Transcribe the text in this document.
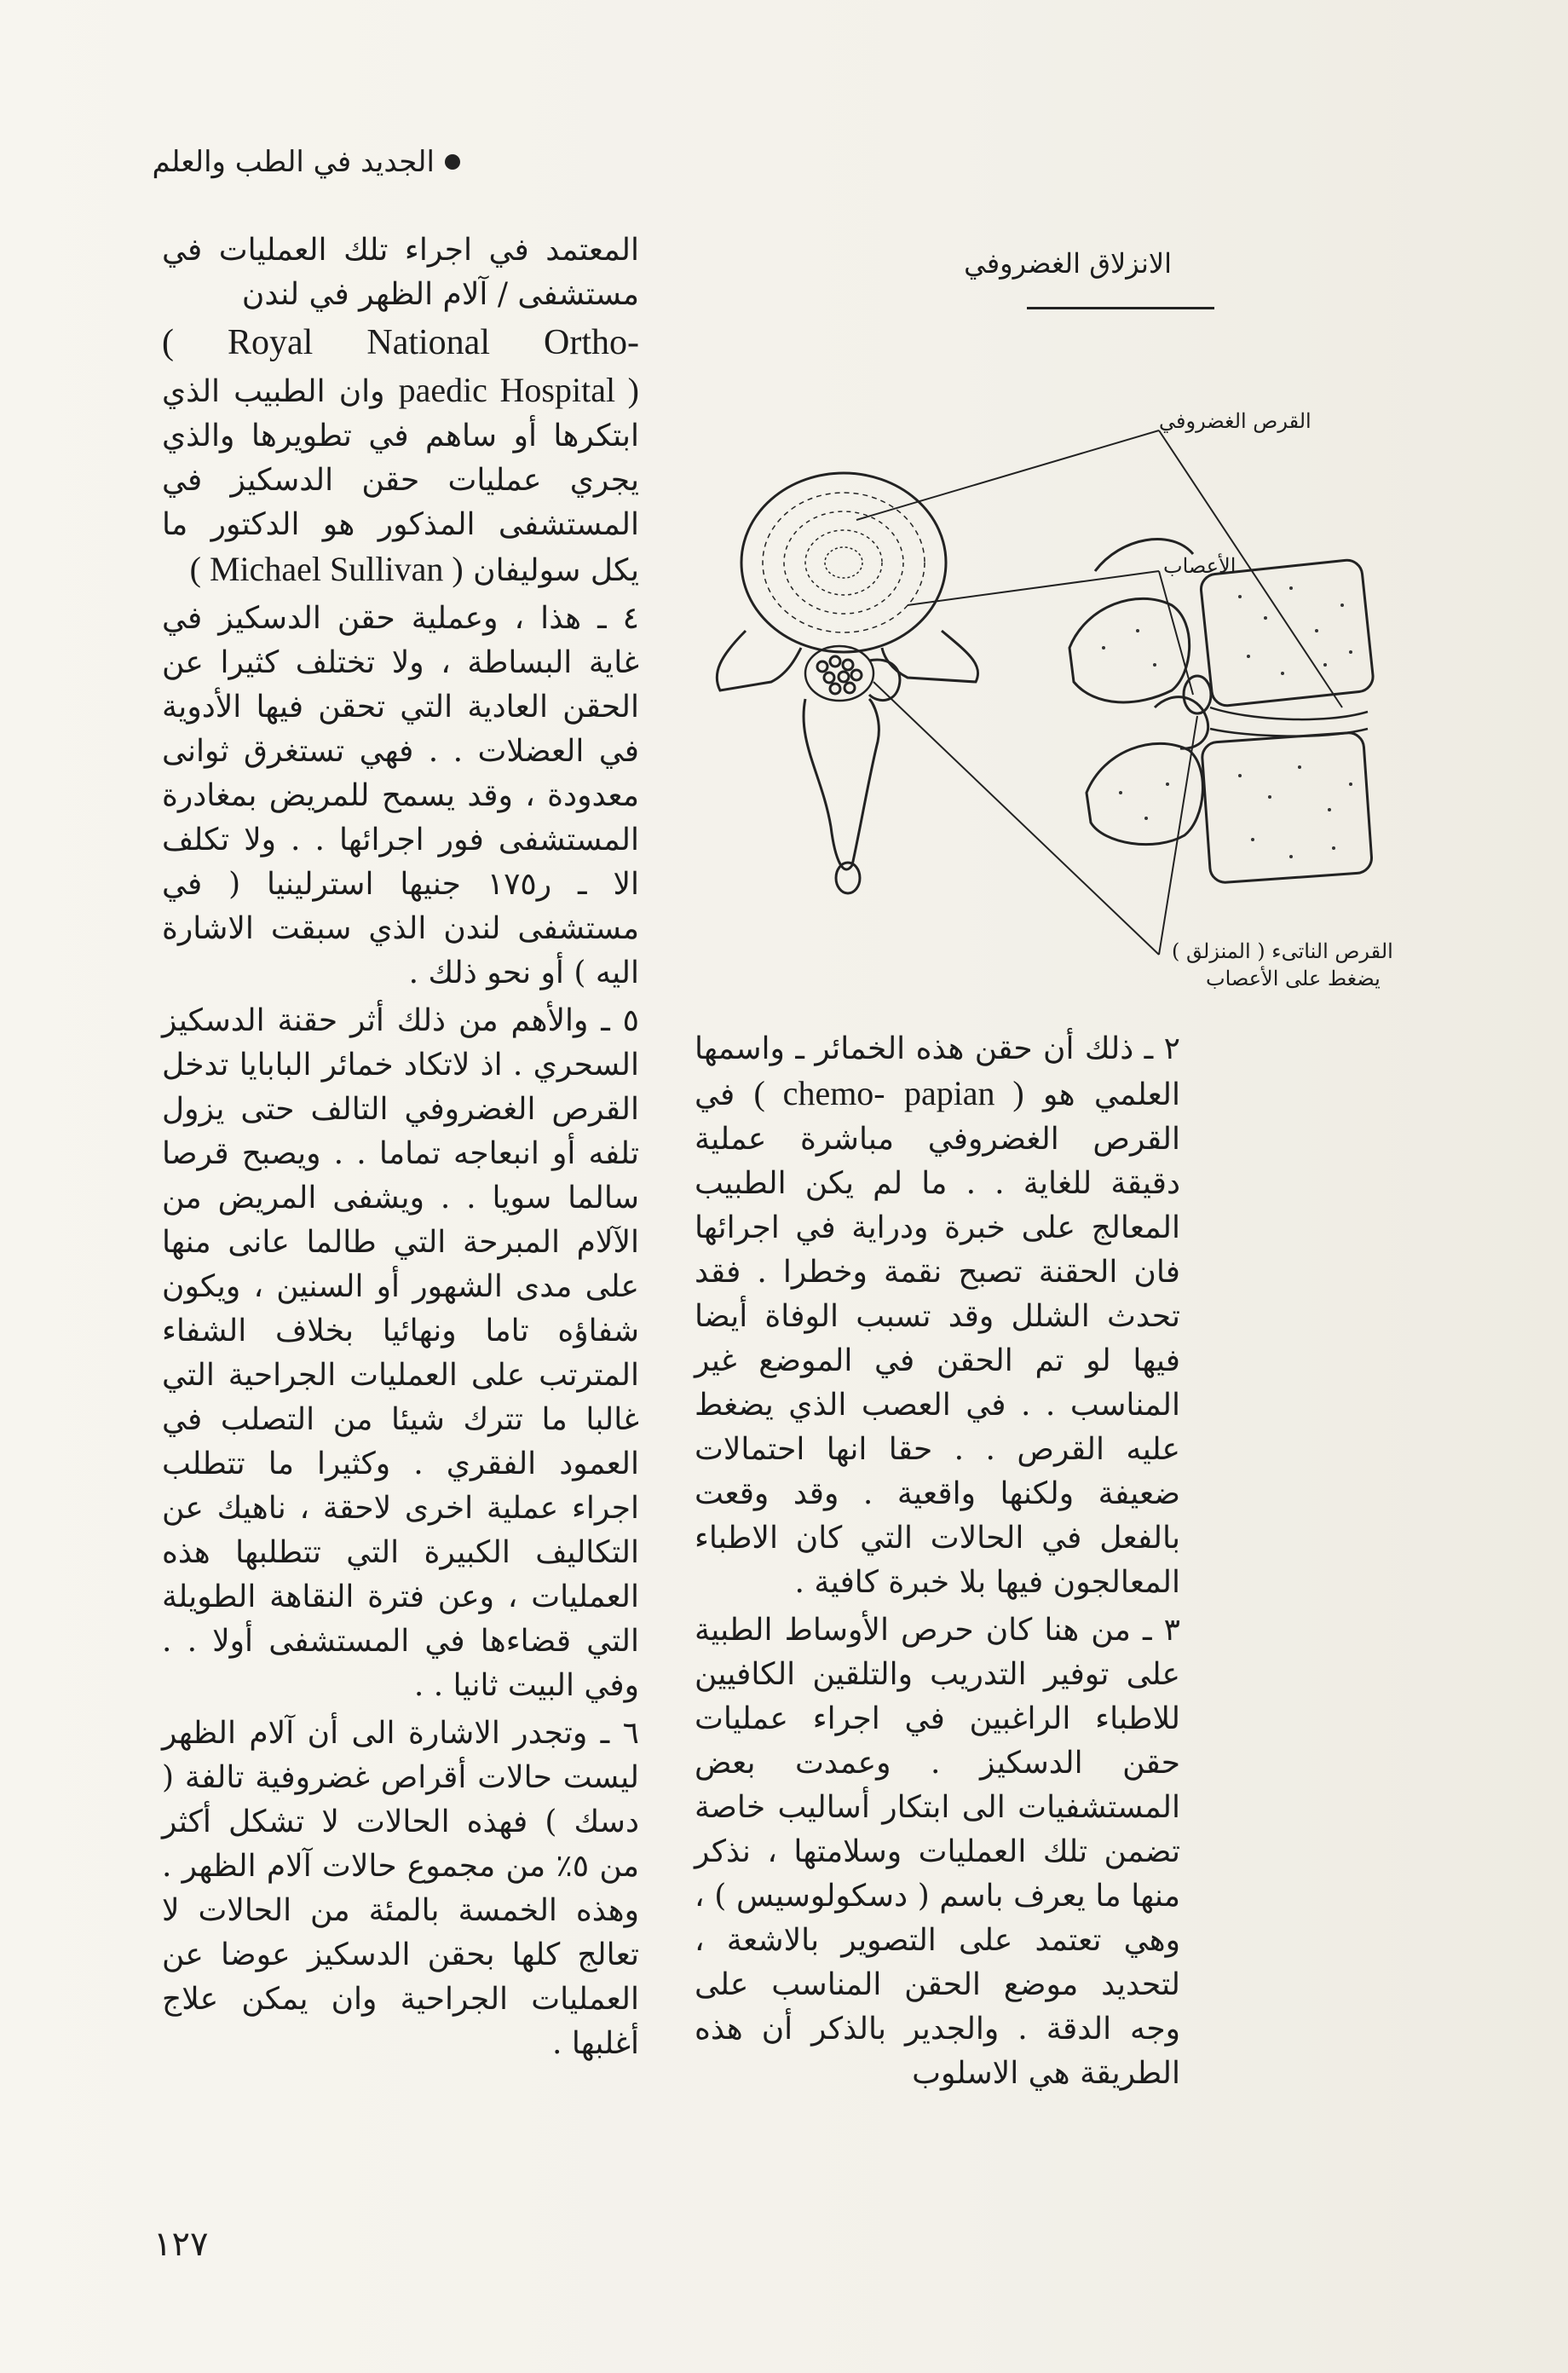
الجديد في الطب والعلم

المعتمد في اجراء تلك العمليات في مستشفى / آلام الظهر في لندن

( Royal National Ortho-

paedic Hospital ) وان الطبيب الذي ابتكرها أو ساهم في تطويرها والذي يجري عمليات حقن الدسكيز في المستشفى المذكور هو الدكتور ما يكل سوليفان ( Michael Sullivan )

٤ ـ هذا ، وعملية حقن الدسكيز في غاية البساطة ، ولا تختلف كثيرا عن الحقن العادية التي تحقن فيها الأدوية في العضلات . . فهي تستغرق ثوانى معدودة ، وقد يسمح للمريض بمغادرة المستشفى فور اجرائها . . ولا تكلف الا ـ ر١٧٥ جنيها استرلينيا ( في مستشفى لندن الذي سبقت الاشارة اليه ) أو نحو ذلك .

٥ ـ والأهم من ذلك أثر حقنة الدسكيز السحري . اذ لاتكاد خمائر البابايا تدخل القرص الغضروفي التالف حتى يزول تلفه أو انبعاجه تماما . . ويصبح قرصا سالما سويا . . ويشفى المريض من الآلام المبرحة التي طالما عانى منها على مدى الشهور أو السنين ، ويكون شفاؤه تاما ونهائيا بخلاف الشفاء المترتب على العمليات الجراحية التي غالبا ما تترك شيئا من التصلب في العمود الفقري . وكثيرا ما تتطلب اجراء عملية اخرى لاحقة ، ناهيك عن التكاليف الكبيرة التي تتطلبها هذه العمليات ، وعن فترة النقاهة الطويلة التي قضاءها في المستشفى أولا . . وفي البيت ثانيا . .

٦ ـ وتجدر الاشارة الى أن آلام الظهر ليست حالات أقراص غضروفية تالفة ( دسك ) فهذه الحالات لا تشكل أكثر من ٥٪ من مجموع حالات آلام الظهر . وهذه الخمسة بالمئة من الحالات لا تعالج كلها بحقن الدسكيز عوضا عن العمليات الجراحية وان يمكن علاج أغلبها .

الانزلاق الغضروفي
القرص الغضروفي
الأعصاب
القرص الناتىء ( المنزلق )
يضغط على الأعصاب

٢ ـ ذلك أن حقن هذه الخمائر ـ واسمها العلمي هو ( chemo- papian ) في القرص الغضروفي مباشرة عملية دقيقة للغاية . . ما لم يكن الطبيب المعالج على خبرة ودراية في اجرائها فان الحقنة تصبح نقمة وخطرا . فقد تحدث الشلل وقد تسبب الوفاة أيضا فيها لو تم الحقن في الموضع غير المناسب . . في العصب الذي يضغط عليه القرص . . حقا انها احتمالات ضعيفة ولكنها واقعية . وقد وقعت بالفعل في الحالات التي كان الاطباء المعالجون فيها بلا خبرة كافية .

٣ ـ من هنا كان حرص الأوساط الطبية على توفير التدريب والتلقين الكافيين للاطباء الراغبين في اجراء عمليات حقن الدسكيز . وعمدت بعض المستشفيات الى ابتكار أساليب خاصة تضمن تلك العمليات وسلامتها ، نذكر منها ما يعرف باسم ( دسكولوسيس ) ، وهي تعتمد على التصوير بالاشعة ، لتحديد موضع الحقن المناسب على وجه الدقة . والجدير بالذكر أن هذه الطريقة هي الاسلوب

١٢٧
